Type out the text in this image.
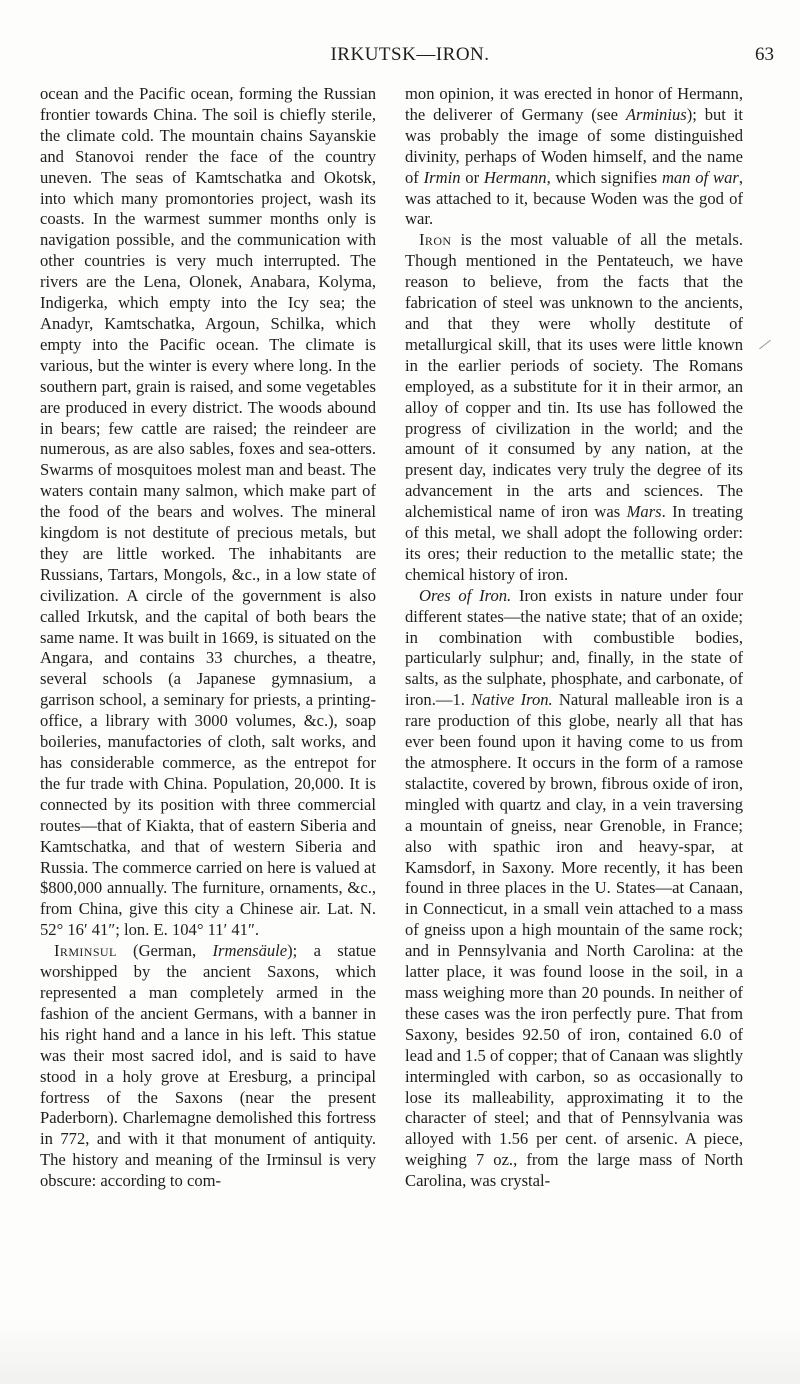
IRKUTSK—IRON.	63

ocean and the Pacific ocean, forming the Russian frontier towards China. The soil is chiefly sterile, the climate cold. The mountain chains Sayanskie and Stanovoi render the face of the country uneven. The seas of Kamtschatka and Okotsk, into which many promontories project, wash its coasts. In the warmest summer months only is navigation possible, and the communication with other countries is very much interrupted. The rivers are the Lena, Olonek, Anabara, Kolyma, Indigerka, which empty into the Icy sea; the Anadyr, Kamtschatka, Argoun, Schilka, which empty into the Pacific ocean. The climate is various, but the winter is every where long. In the southern part, grain is raised, and some vegetables are produced in every district. The woods abound in bears; few cattle are raised; the reindeer are numerous, as are also sables, foxes and sea-otters. Swarms of mosquitoes molest man and beast. The waters contain many salmon, which make part of the food of the bears and wolves. The mineral kingdom is not destitute of precious metals, but they are little worked. The inhabitants are Russians, Tartars, Mongols, &c., in a low state of civilization. A circle of the government is also called Irkutsk, and the capital of both bears the same name. It was built in 1669, is situated on the Angara, and contains 33 churches, a theatre, several schools (a Japanese gymnasium, a garrison school, a seminary for priests, a printing-office, a library with 3000 volumes, &c.), soap boileries, manufactories of cloth, salt works, and has considerable commerce, as the entrepot for the fur trade with China. Population, 20,000. It is connected by its position with three commercial routes—that of Kiakta, that of eastern Siberia and Kamtschatka, and that of western Siberia and Russia. The commerce carried on here is valued at $800,000 annually. The furniture, ornaments, &c., from China, give this city a Chinese air. Lat. N. 52° 16′ 41″; lon. E. 104° 11′ 41″.

Irminsul (German, Irmensäule); a statue worshipped by the ancient Saxons, which represented a man completely armed in the fashion of the ancient Germans, with a banner in his right hand and a lance in his left. This statue was their most sacred idol, and is said to have stood in a holy grove at Eresburg, a principal fortress of the Saxons (near the present Paderborn). Charlemagne demolished this fortress in 772, and with it that monument of antiquity. The history and meaning of the Irminsul is very obscure: according to com-

mon opinion, it was erected in honor of Hermann, the deliverer of Germany (see Arminius); but it was probably the image of some distinguished divinity, perhaps of Woden himself, and the name of Irmin or Hermann, which signifies man of war, was attached to it, because Woden was the god of war.

Iron is the most valuable of all the metals. Though mentioned in the Pentateuch, we have reason to believe, from the facts that the fabrication of steel was unknown to the ancients, and that they were wholly destitute of metallurgical skill, that its uses were little known in the earlier periods of society. The Romans employed, as a substitute for it in their armor, an alloy of copper and tin. Its use has followed the progress of civilization in the world; and the amount of it consumed by any nation, at the present day, indicates very truly the degree of its advancement in the arts and sciences. The alchemistical name of iron was Mars. In treating of this metal, we shall adopt the following order: its ores; their reduction to the metallic state; the chemical history of iron.

Ores of Iron. Iron exists in nature under four different states—the native state; that of an oxide; in combination with combustible bodies, particularly sulphur; and, finally, in the state of salts, as the sulphate, phosphate, and carbonate, of iron.—1. Native Iron. Natural malleable iron is a rare production of this globe, nearly all that has ever been found upon it having come to us from the atmosphere. It occurs in the form of a ramose stalactite, covered by brown, fibrous oxide of iron, mingled with quartz and clay, in a vein traversing a mountain of gneiss, near Grenoble, in France; also with spathic iron and heavy-spar, at Kamsdorf, in Saxony. More recently, it has been found in three places in the U. States—at Canaan, in Connecticut, in a small vein attached to a mass of gneiss upon a high mountain of the same rock; and in Pennsylvania and North Carolina: at the latter place, it was found loose in the soil, in a mass weighing more than 20 pounds. In neither of these cases was the iron perfectly pure. That from Saxony, besides 92.50 of iron, contained 6.0 of lead and 1.5 of copper; that of Canaan was slightly intermingled with carbon, so as occasionally to lose its malleability, approximating it to the character of steel; and that of Pennsylvania was alloyed with 1.56 per cent. of arsenic. A piece, weighing 7 oz., from the large mass of North Carolina, was crystal-
